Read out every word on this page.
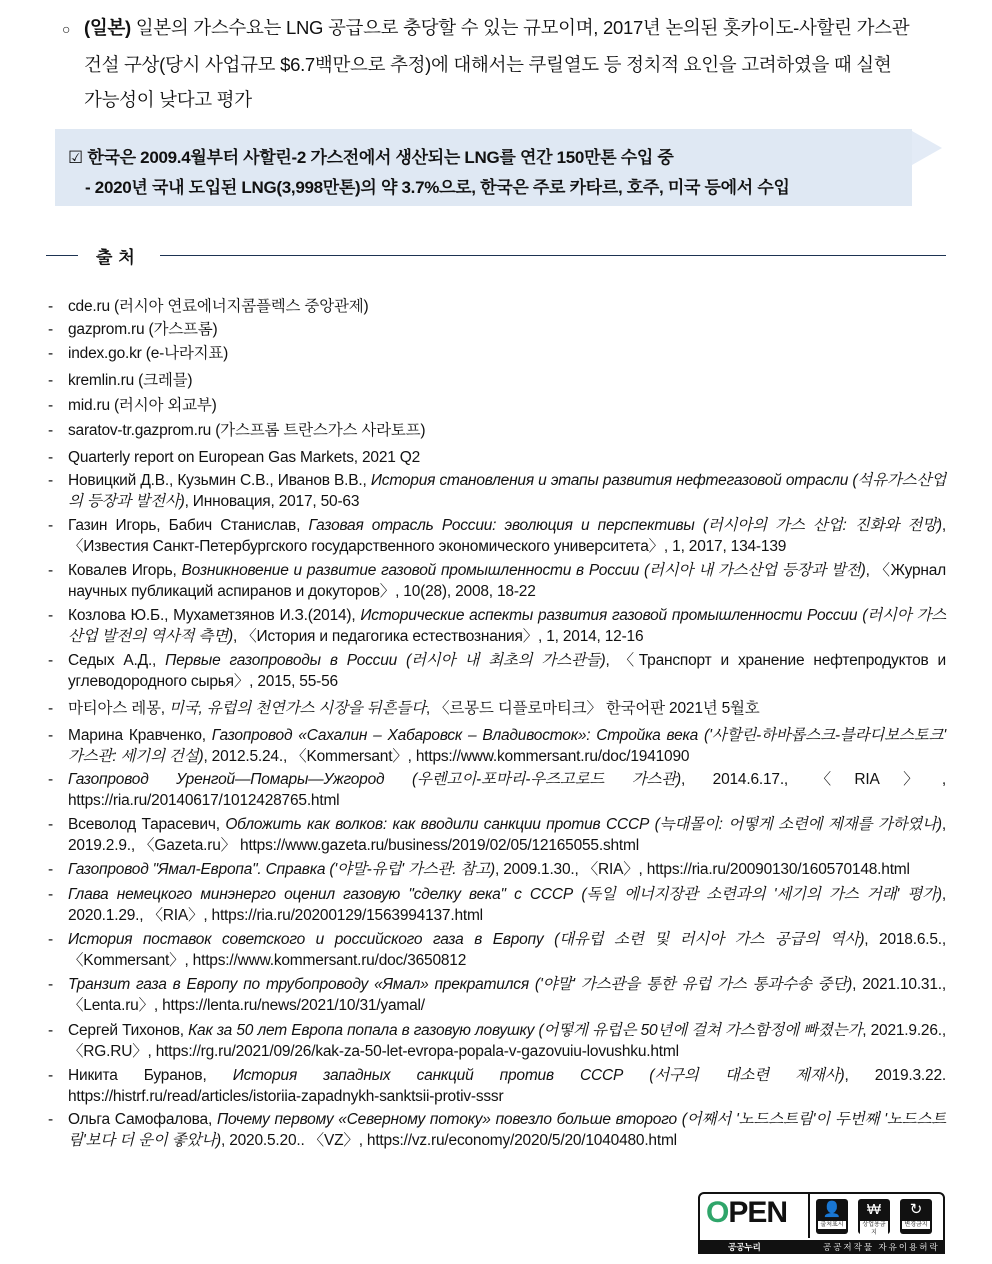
○ (일본) 일본의 가스수요는 LNG 공급으로 충당할 수 있는 규모이며, 2017년 논의된 홋카이도-사할린 가스관
건설 구상(당시 사업규모 $6.7백만으로 추정)에 대해서는 쿠릴열도 등 정치적 요인을 고려하였을 때 실현
가능성이 낮다고 평가
☑ 한국은 2009.4월부터 사할린-2 가스전에서 생산되는 LNG를 연간 150만톤 수입 중
- 2020년 국내 도입된 LNG(3,998만톤)의 약 3.7%으로, 한국은 주로 카타르, 호주, 미국 등에서 수입
출처
- cde.ru (러시아 연료에너지콤플렉스 중앙관제)
- gazprom.ru (가스프롬)
- index.go.kr (e-나라지표)
- kremlin.ru (크레믈)
- mid.ru (러시아 외교부)
- saratov-tr.gazprom.ru (가스프롬 트란스가스 사라토프)
- Quarterly report on European Gas Markets, 2021 Q2
- Новицкий Д.В., Кузьмин С.В., Иванов В.В., История становления и этапы развития нефтегазовой отрасли (석유가스산업의 등장과 발전사), Инновация, 2017, 50-63
- Газин Игорь, Бабич Станислав, Газовая отрасль России: эволюция и перспективы (러시아의 가스 산업: 진화와 전망), 〈Известия Санкт-Петербургского государственного экономического университета〉, 1, 2017, 134-139
- Ковалев Игорь, Возникновение и развитие газовой промышленности в России (러시아 내 가스산업 등장과 발전), 〈Журнал научных публикаций аспиранов и докуторов〉, 10(28), 2008, 18-22
- Козлова Ю.Б., Мухаметзянов И.З.(2014), Исторические аспекты развития газовой промышленности России (러시아 가스산업 발전의 역사적 측면), 〈История и педагогика естествознания〉, 1, 2014, 12-16
- Седых А.Д., Первые газопроводы в России (러시아 내 최초의 가스관들), 〈Транспорт и хранение нефтепродуктов и углеводородного сырья〉, 2015, 55-56
- 마티아스 레몽, 미국, 유럽의 천연가스 시장을 뒤흔들다, 〈르몽드 디플로마티크〉 한국어판 2021년 5월호
- Марина Кравченко, Газопровод «Сахалин – Хабаровск – Владивосток»: Стройка века ('사할린-하바롭스크-블라디보스토크' 가스관: 세기의 건설), 2012.5.24., 〈Kommersant〉, https://www.kommersant.ru/doc/1941090
- Газопровод Уренгой—Помары—Ужгород (우렌고이-포마리-우즈고로드 가스관), 2014.6.17., 〈RIA〉, https://ria.ru/20140617/1012428765.html
- Всеволод Тарасевич, Обложить как волков: как вводили санкции против СССР (늑대몰이: 어떻게 소련에 제재를 가하였나), 2019.2.9., 〈Gazeta.ru〉 https://www.gazeta.ru/business/2019/02/05/12165055.shtml
- Газопровод "Ямал-Европа". Справка ('야말-유럽' 가스관. 참고), 2009.1.30., 〈RIA〉, https://ria.ru/20090130/160570148.html
- Глава немецкого минэнерго оценил газовую "сделку века" с СССР (독일 에너지장관 소련과의 '세기의 가스 거래' 평가), 2020.1.29., 〈RIA〉, https://ria.ru/20200129/1563994137.html
- История поставок советского и российского газа в Европу (대유럽 소련 및 러시아 가스 공급의 역사), 2018.6.5., 〈Kommersant〉, https://www.kommersant.ru/doc/3650812
- Транзит газа в Европу по трубопроводу «Ямал» прекратился ('야말' 가스관을 통한 유럽 가스 통과수송 중단), 2021.10.31., 〈Lenta.ru〉, https://lenta.ru/news/2021/10/31/yamal/
- Сергей Тихонов, Как за 50 лет Европа попала в газовую ловушку (어떻게 유럽은 50년에 걸쳐 가스함정에 빠졌는가, 2021.9.26., 〈RG.RU〉, https://rg.ru/2021/09/26/kak-za-50-let-evropa-popala-v-gazovuiu-lovushku.html
- Никита Буранов, История западных санкций против СССР (서구의 대소련 제재사), 2019.3.22. https://histrf.ru/read/articles/istoriia-zapadnykh-sanktsii-protiv-sssr
- Ольга Самофалова, Почему первому «Северному потоку» повезло больше второго (어째서 '노드스트림'이 두번째 '노드스트림'보다 더 운이 좋았나), 2020.5.20.. 〈VZ〉, https://vz.ru/economy/2020/5/20/1040480.html
OPEN	👤
출처표시
₩
상업용금지
↻
변경금지
공공누리	공공저작물 자유이용허락
